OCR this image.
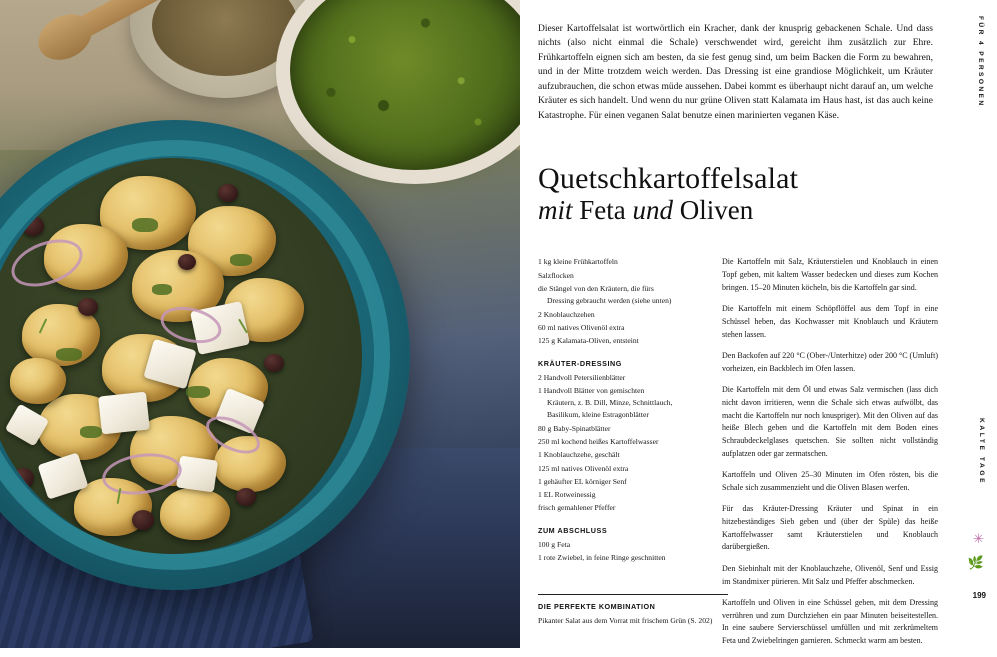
Dieser Kartoffelsalat ist wortwörtlich ein Kracher, dank der knusprig gebackenen Schale. Und dass nichts (also nicht einmal die Schale) verschwendet wird, gereicht ihm zusätzlich zur Ehre. Frühkartoffeln eignen sich am besten, da sie fest genug sind, um beim Backen die Form zu bewahren, und in der Mitte trotzdem weich werden. Das Dressing ist eine grandiose Möglichkeit, um Kräuter aufzubrauchen, die schon etwas müde aussehen. Dabei kommt es überhaupt nicht darauf an, um welche Kräuter es sich handelt. Und wenn du nur grüne Oliven statt Kalamata im Haus hast, ist das auch keine Katastrophe. Für einen veganen Salat benutze einen marinierten veganen Käse.

Quetschkartoffelsalat
mit Feta und Oliven
1 kg kleine Frühkartoffeln
Salzflocken
die Stängel von den Kräutern, die fürs
Dressing gebraucht werden (siehe unten)
2 Knoblauchzehen
60 ml natives Olivenöl extra
125 g Kalamata-Oliven, entsteint
KRÄUTER-DRESSING
2 Handvoll Petersilienblätter
1 Handvoll Blätter von gemischten
Kräutern, z. B. Dill, Minze, Schnittlauch, Basilikum, kleine Estragonblätter
80 g Baby-Spinatblätter
250 ml kochend heißes Kartoffelwasser
1 Knoblauchzehe, geschält
125 ml natives Olivenöl extra
1 gehäufter EL körniger Senf
1 EL Rotweinessig
frisch gemahlener Pfeffer
ZUM ABSCHLUSS
100 g Feta
1 rote Zwiebel, in feine Ringe geschnitten

Die Kartoffeln mit Salz, Kräuterstielen und Knoblauch in einen Topf geben, mit kaltem Wasser bedecken und dieses zum Kochen bringen. 15–20 Minuten köcheln, bis die Kartoffeln gar sind.

Die Kartoffeln mit einem Schöpflöffel aus dem Topf in eine Schüssel heben, das Kochwasser mit Knoblauch und Kräutern stehen lassen.

Den Backofen auf 220 °C (Ober-/Unterhitze) oder 200 °C (Umluft) vorheizen, ein Backblech im Ofen lassen.

Die Kartoffeln mit dem Öl und etwas Salz vermischen (lass dich nicht davon irritieren, wenn die Schale sich etwas aufwölbt, das macht die Kartoffeln nur noch knuspriger). Mit den Oliven auf das heiße Blech geben und die Kartoffeln mit dem Boden eines Schraubdeckelglases quetschen. Sie sollten nicht vollständig aufplatzen oder gar zermatschen.

Kartoffeln und Oliven 25–30 Minuten im Ofen rösten, bis die Schale sich zusammenzieht und die Oliven Blasen werfen.

Für das Kräuter-Dressing Kräuter und Spinat in ein hitzebeständiges Sieb geben und (über der Spüle) das heiße Kartoffelwasser samt Kräuterstielen und Knoblauch darübergießen.

Den Siebinhalt mit der Knoblauchzehe, Olivenöl, Senf und Essig im Standmixer pürieren. Mit Salz und Pfeffer abschmecken.

Kartoffeln und Oliven in eine Schüssel geben, mit dem Dressing verrühren und zum Durchziehen ein paar Minuten beiseitestellen. In eine saubere Servierschüssel umfüllen und mit zerkrümeltem Feta und Zwiebelringen garnieren. Schmeckt warm am besten.

DIE PERFEKTE KOMBINATION
Pikanter Salat aus dem Vorrat mit frischem Grün (S. 202)
FÜR 4 PERSONEN
KALTE TAGE
✳
🌿
199
